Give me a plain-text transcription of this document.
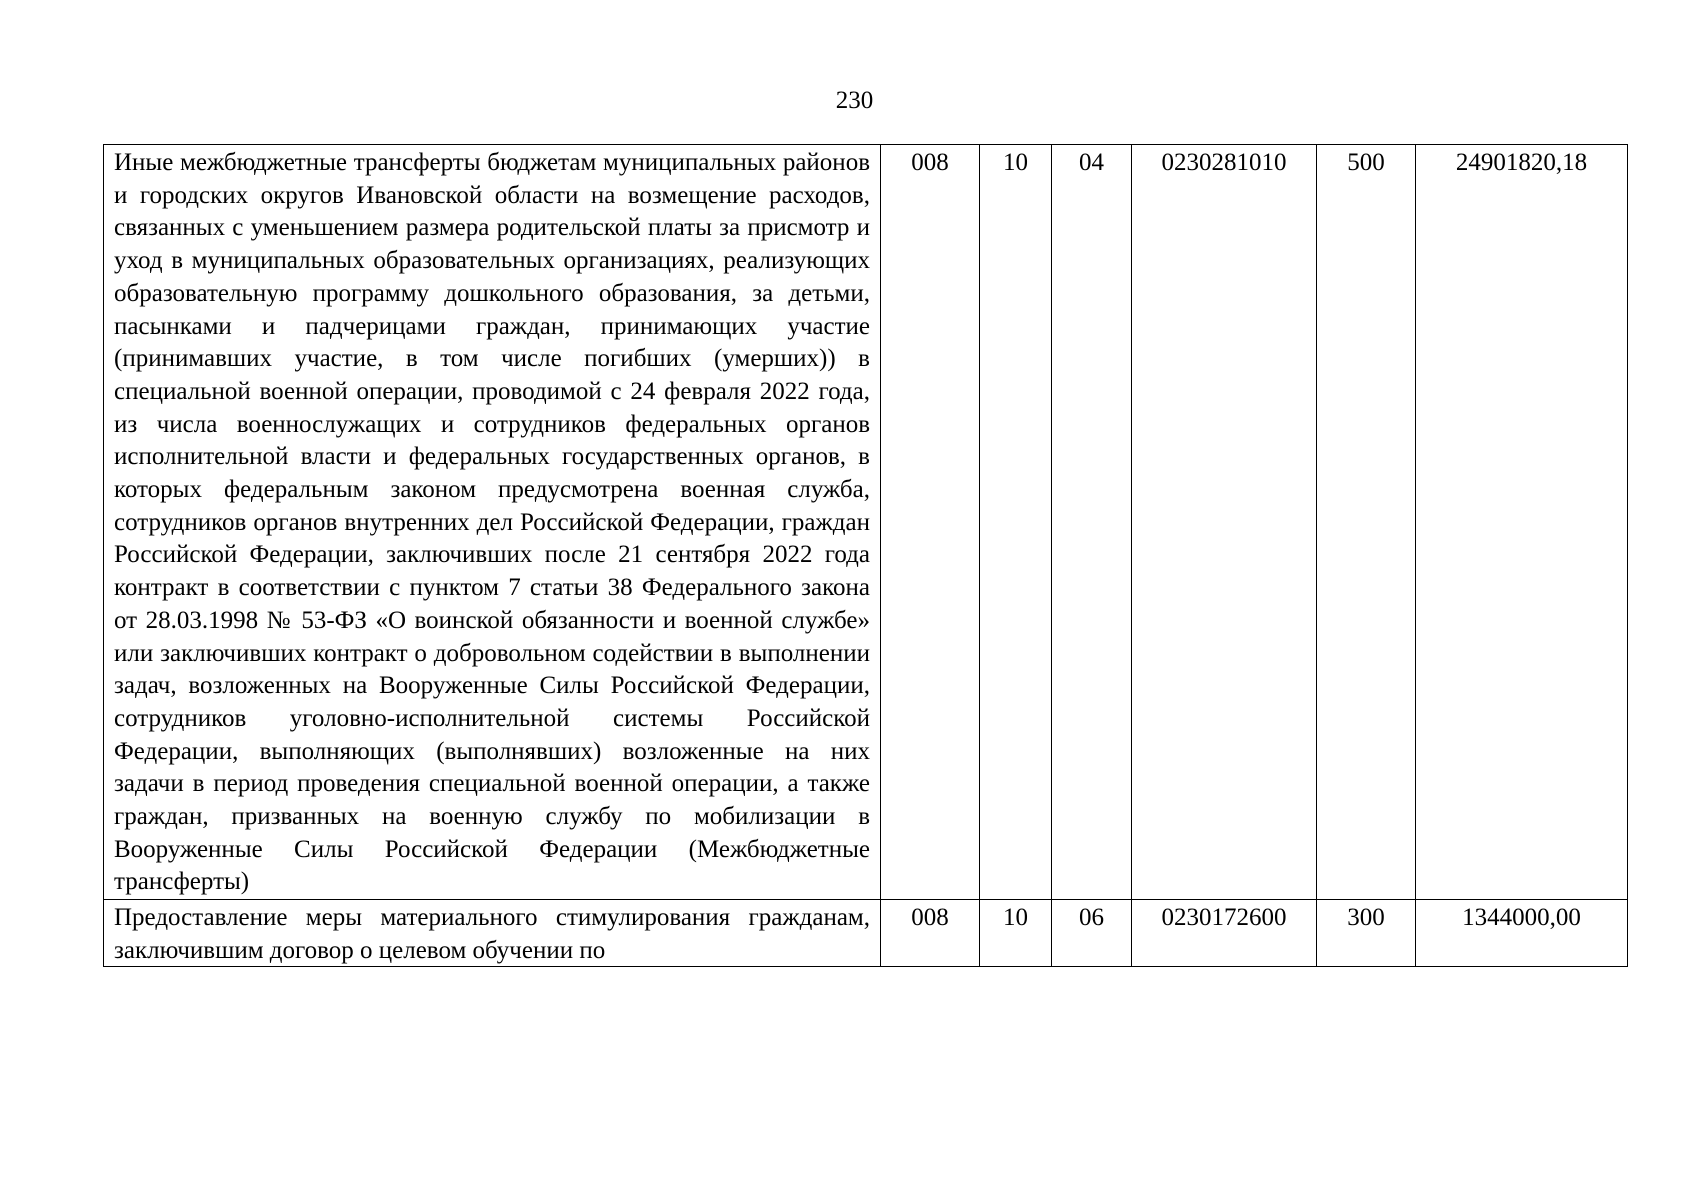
230
Иные межбюджетные трансферты бюджетам муниципальных районов и городских округов Ивановской области на возмещение расходов, связанных с уменьшением размера родительской платы за присмотр и уход в муниципальных образовательных организациях, реализующих образовательную программу дошкольного образования, за детьми, пасынками и падчерицами граждан, принимающих участие (принимавших участие, в том числе погибших (умерших)) в специальной военной операции, проводимой с 24 февраля 2022 года, из числа военнослужащих и сотрудников федеральных органов исполнительной власти и федеральных государственных органов, в которых федеральным законом предусмотрена военная служба, сотрудников органов внутренних дел Российской Федерации, граждан Российской Федерации, заключивших после 21 сентября 2022 года контракт в соответствии с пунктом 7 статьи 38 Федерального закона от 28.03.1998 № 53-ФЗ «О воинской обязанности и военной службе» или заключивших контракт о добровольном содействии в выполнении задач, возложенных на Вооруженные Силы Российской Федерации, сотрудников уголовно-исполнительной системы Российской Федерации, выполняющих (выполнявших) возложенные на них задачи в период проведения специальной военной операции, а также граждан, призванных на военную службу по мобилизации в Вооруженные Силы Российской Федерации (Межбюджетные трансферты)	008	10	04	0230281010	500	24901820,18

Предоставление меры материального стимулирования гражданам, заключившим договор о целевом обучении по	008	10	06	0230172600	300	1344000,00
